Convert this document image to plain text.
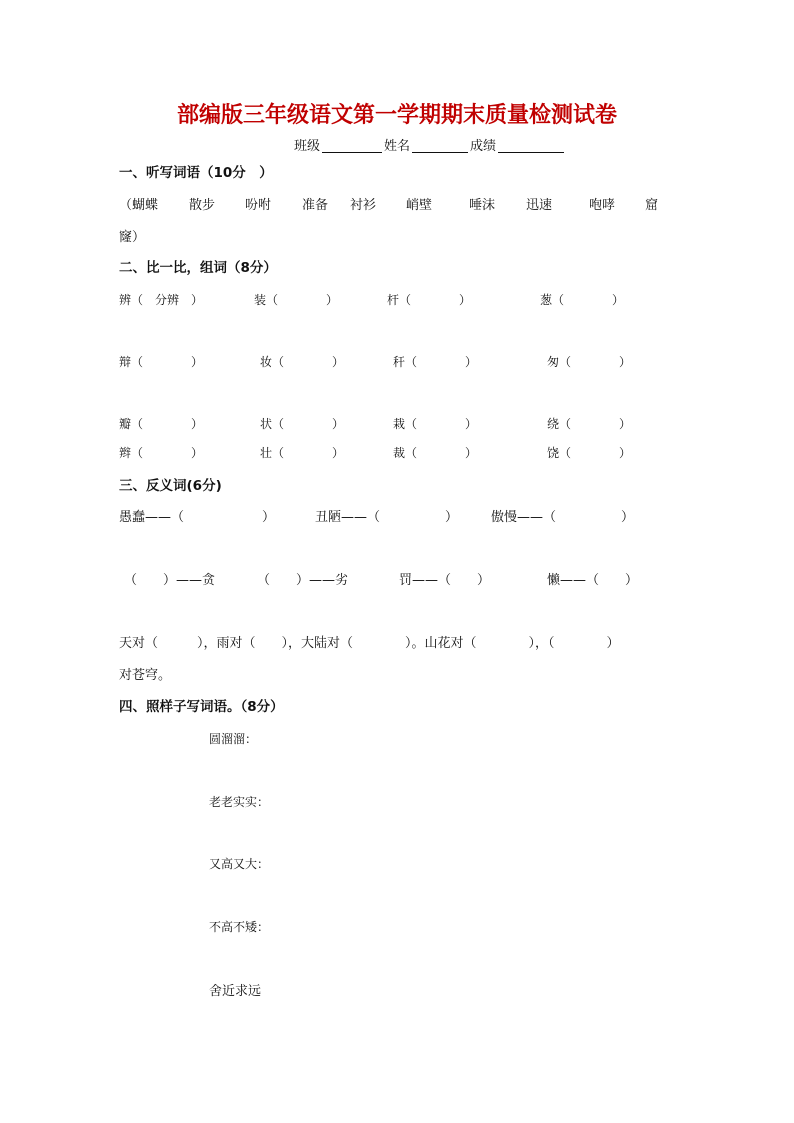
部编版三年级语文第一学期期末质量检测试卷
班级	姓名	成绩
一、听写词语（10分　）
（蝴蝶 散步 吩咐 准备 衬衫 峭壁	唾沫 迅速	咆哮 窟
窿）
二、比一比，组词（8分）
辨（　分辨　）	装（　　　　）	杆（　　　　）	葱（　　　　）
辩（　　　　）	妆（　　　　）	秆（　　　　）	匆（　　　　）
瓣（　　　　）	状（　　　　）	栽（　　　　）	绕（　　　　）
辫（　　　　）	壮（　　　　）	裁（　　　　）	饶（　　　　）
三、反义词(6分)
愚蠢——（　　　　　　）	丑陋——（　　　　　）	傲慢——（　　　　　）
（　　）——贪	（　　）——劣	罚——（　　）	懒——（　　）
天对（　　　），雨对（　　），大陆对（　　　　）。山花对（　　　　），（　　　　）
对苍穹。
四、照样子写词语。（8分）
圆溜溜：
老老实实：
又高又大：
不高不矮：
舍近求远
